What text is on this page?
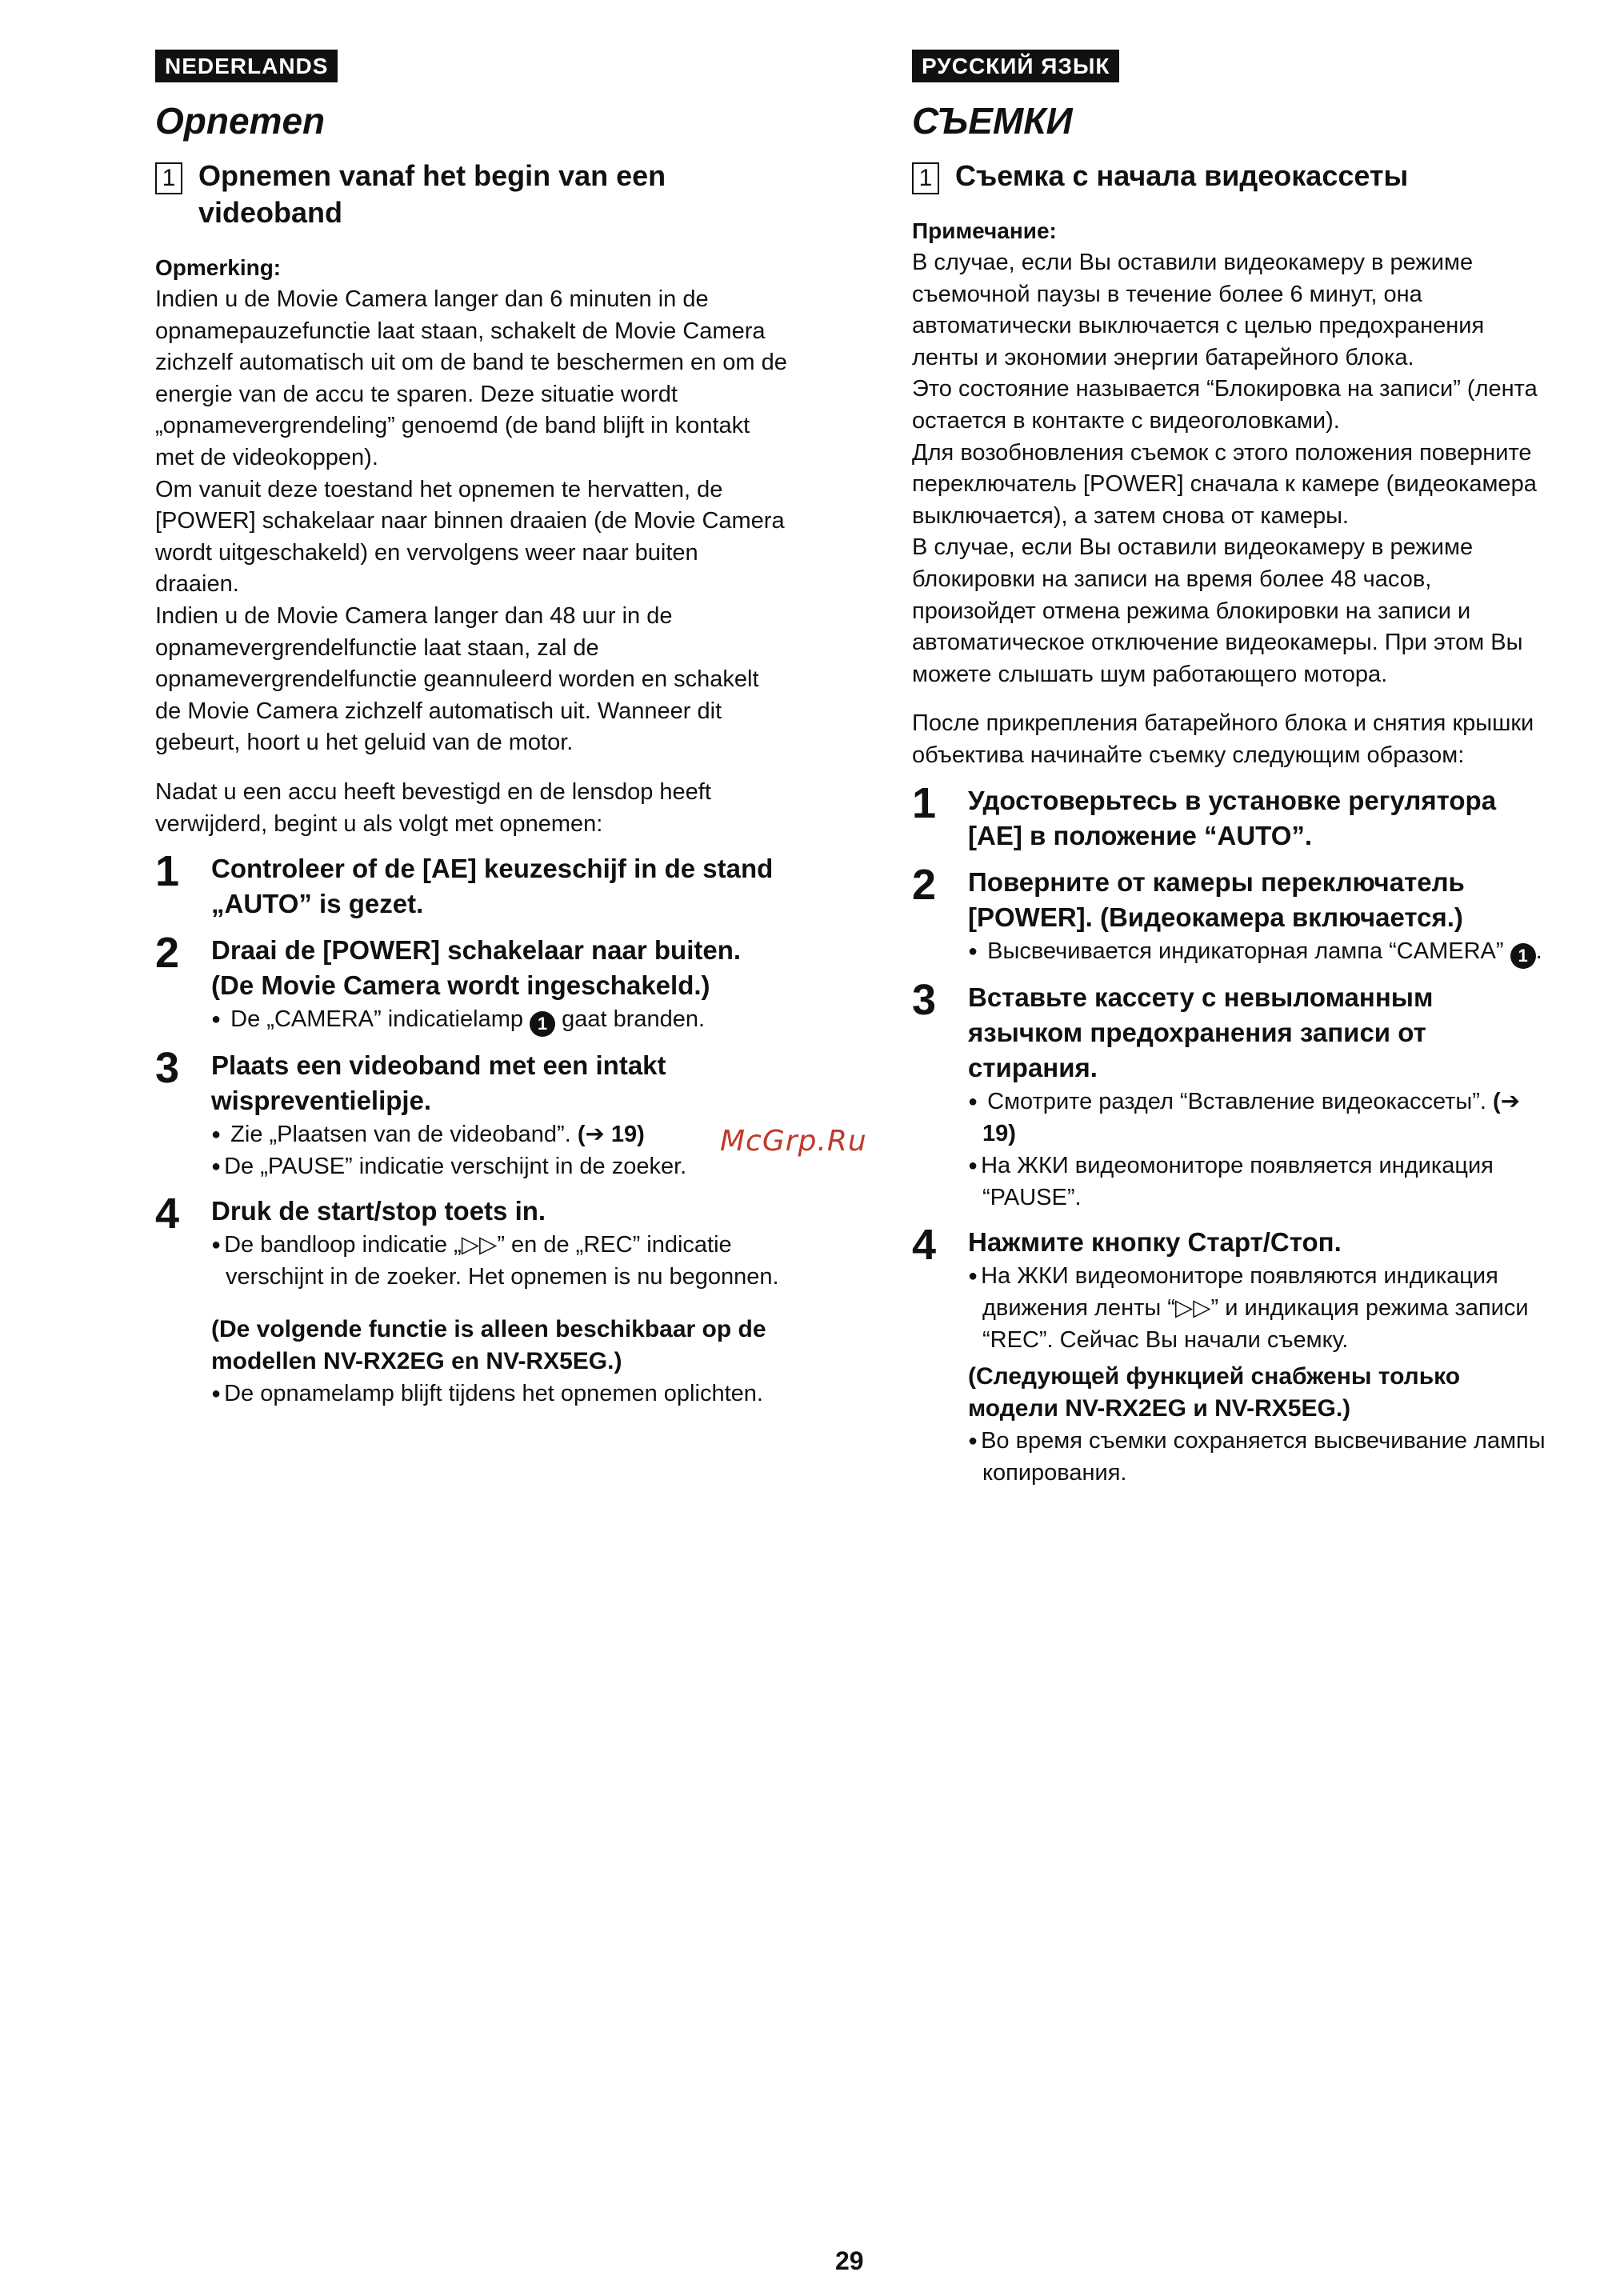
NEDERLANDS
Opnemen
1 Opnemen vanaf het begin van een videoband
Opmerking:

Indien u de Movie Camera langer dan 6 minuten in de opnamepauzefunctie laat staan, schakelt de Movie Camera zichzelf automatisch uit om de band te beschermen en om de energie van de accu te sparen. Deze situatie wordt „opnamevergrendeling” genoemd (de band blijft in kontakt met de videokoppen).

Om vanuit deze toestand het opnemen te hervatten, de [POWER] schakelaar naar binnen draaien (de Movie Camera wordt uitgeschakeld) en vervolgens weer naar buiten draaien.

Indien u de Movie Camera langer dan 48 uur in de opnamevergrendelfunctie laat staan, zal de opnamevergrendelfunctie geannuleerd worden en schakelt de Movie Camera zichzelf automatisch uit. Wanneer dit gebeurt, hoort u het geluid van de motor.

Nadat u een accu heeft bevestigd en de lensdop heeft verwijderd, begint u als volgt met opnemen:

1	Controleer of de [AE] keuzeschijf in de stand „AUTO” is gezet.
2	Draai de [POWER] schakelaar naar buiten. (De Movie Camera wordt ingeschakeld.)
● De „CAMERA” indicatielamp 1 gaat branden.
3	Plaats een videoband met een intakt wispreventielipje.
● Zie „Plaatsen van de videoband”. (➔ 19)
● De „PAUSE” indicatie verschijnt in de zoeker.
4	Druk de start/stop toets in.
● De bandloop indicatie „▷▷” en de „REC” indicatie verschijnt in de zoeker. Het opnemen is nu begonnen.
(De volgende functie is alleen beschikbaar op de modellen NV-RX2EG en NV-RX5EG.)
● De opnamelamp blijft tijdens het opnemen oplichten.
РУССКИЙ ЯЗЫК
СЪЕМКИ
1 Съемка с начала видеокассеты
Примечание:

В случае, если Вы оставили видеокамеру в режиме съемочной паузы в течение более 6 минут, она автоматически выключается с целью предохранения ленты и экономии энергии батарейного блока.

Это состояние называется “Блокировка на записи” (лента остается в контакте с видеоголовками).

Для возобновления съемок с этого положения поверните переключатель [POWER] сначала к камере (видеокамера выключается), а затем снова от камеры.

В случае, если Вы оставили видеокамеру в режиме блокировки на записи на время более 48 часов, произойдет отмена режима блокировки на записи и автоматическое отключение видеокамеры. При этом Вы можете слышать шум работающего мотора.

После прикрепления батарейного блока и снятия крышки объектива начинайте съемку следующим образом:

1	Удостоверьтесь в установке регулятора [AE] в положение “AUTO”.
2	Поверните от камеры переключатель [POWER]. (Видеокамера включается.)
● Высвечивается индикаторная лампа “CAMERA” 1 .
3	Вставьте кассету с невыломанным язычком предохранения записи от стирания.
● Смотрите раздел “Вставление видеокассеты”. (➔ 19)
● На ЖКИ видеомониторе появляется индикация “PAUSE”.
4	Нажмите кнопку Старт/Стоп.
● На ЖКИ видеомониторе появляются индикация движения ленты “▷▷” и индикация режима записи “REC”. Сейчас Вы начали съемку.
(Следующей функцией снабжены только модели NV-RX2EG и NV-RX5EG.)
● Во время съемки сохраняется высвечивание лампы копирования.
McGrp.Ru
29
